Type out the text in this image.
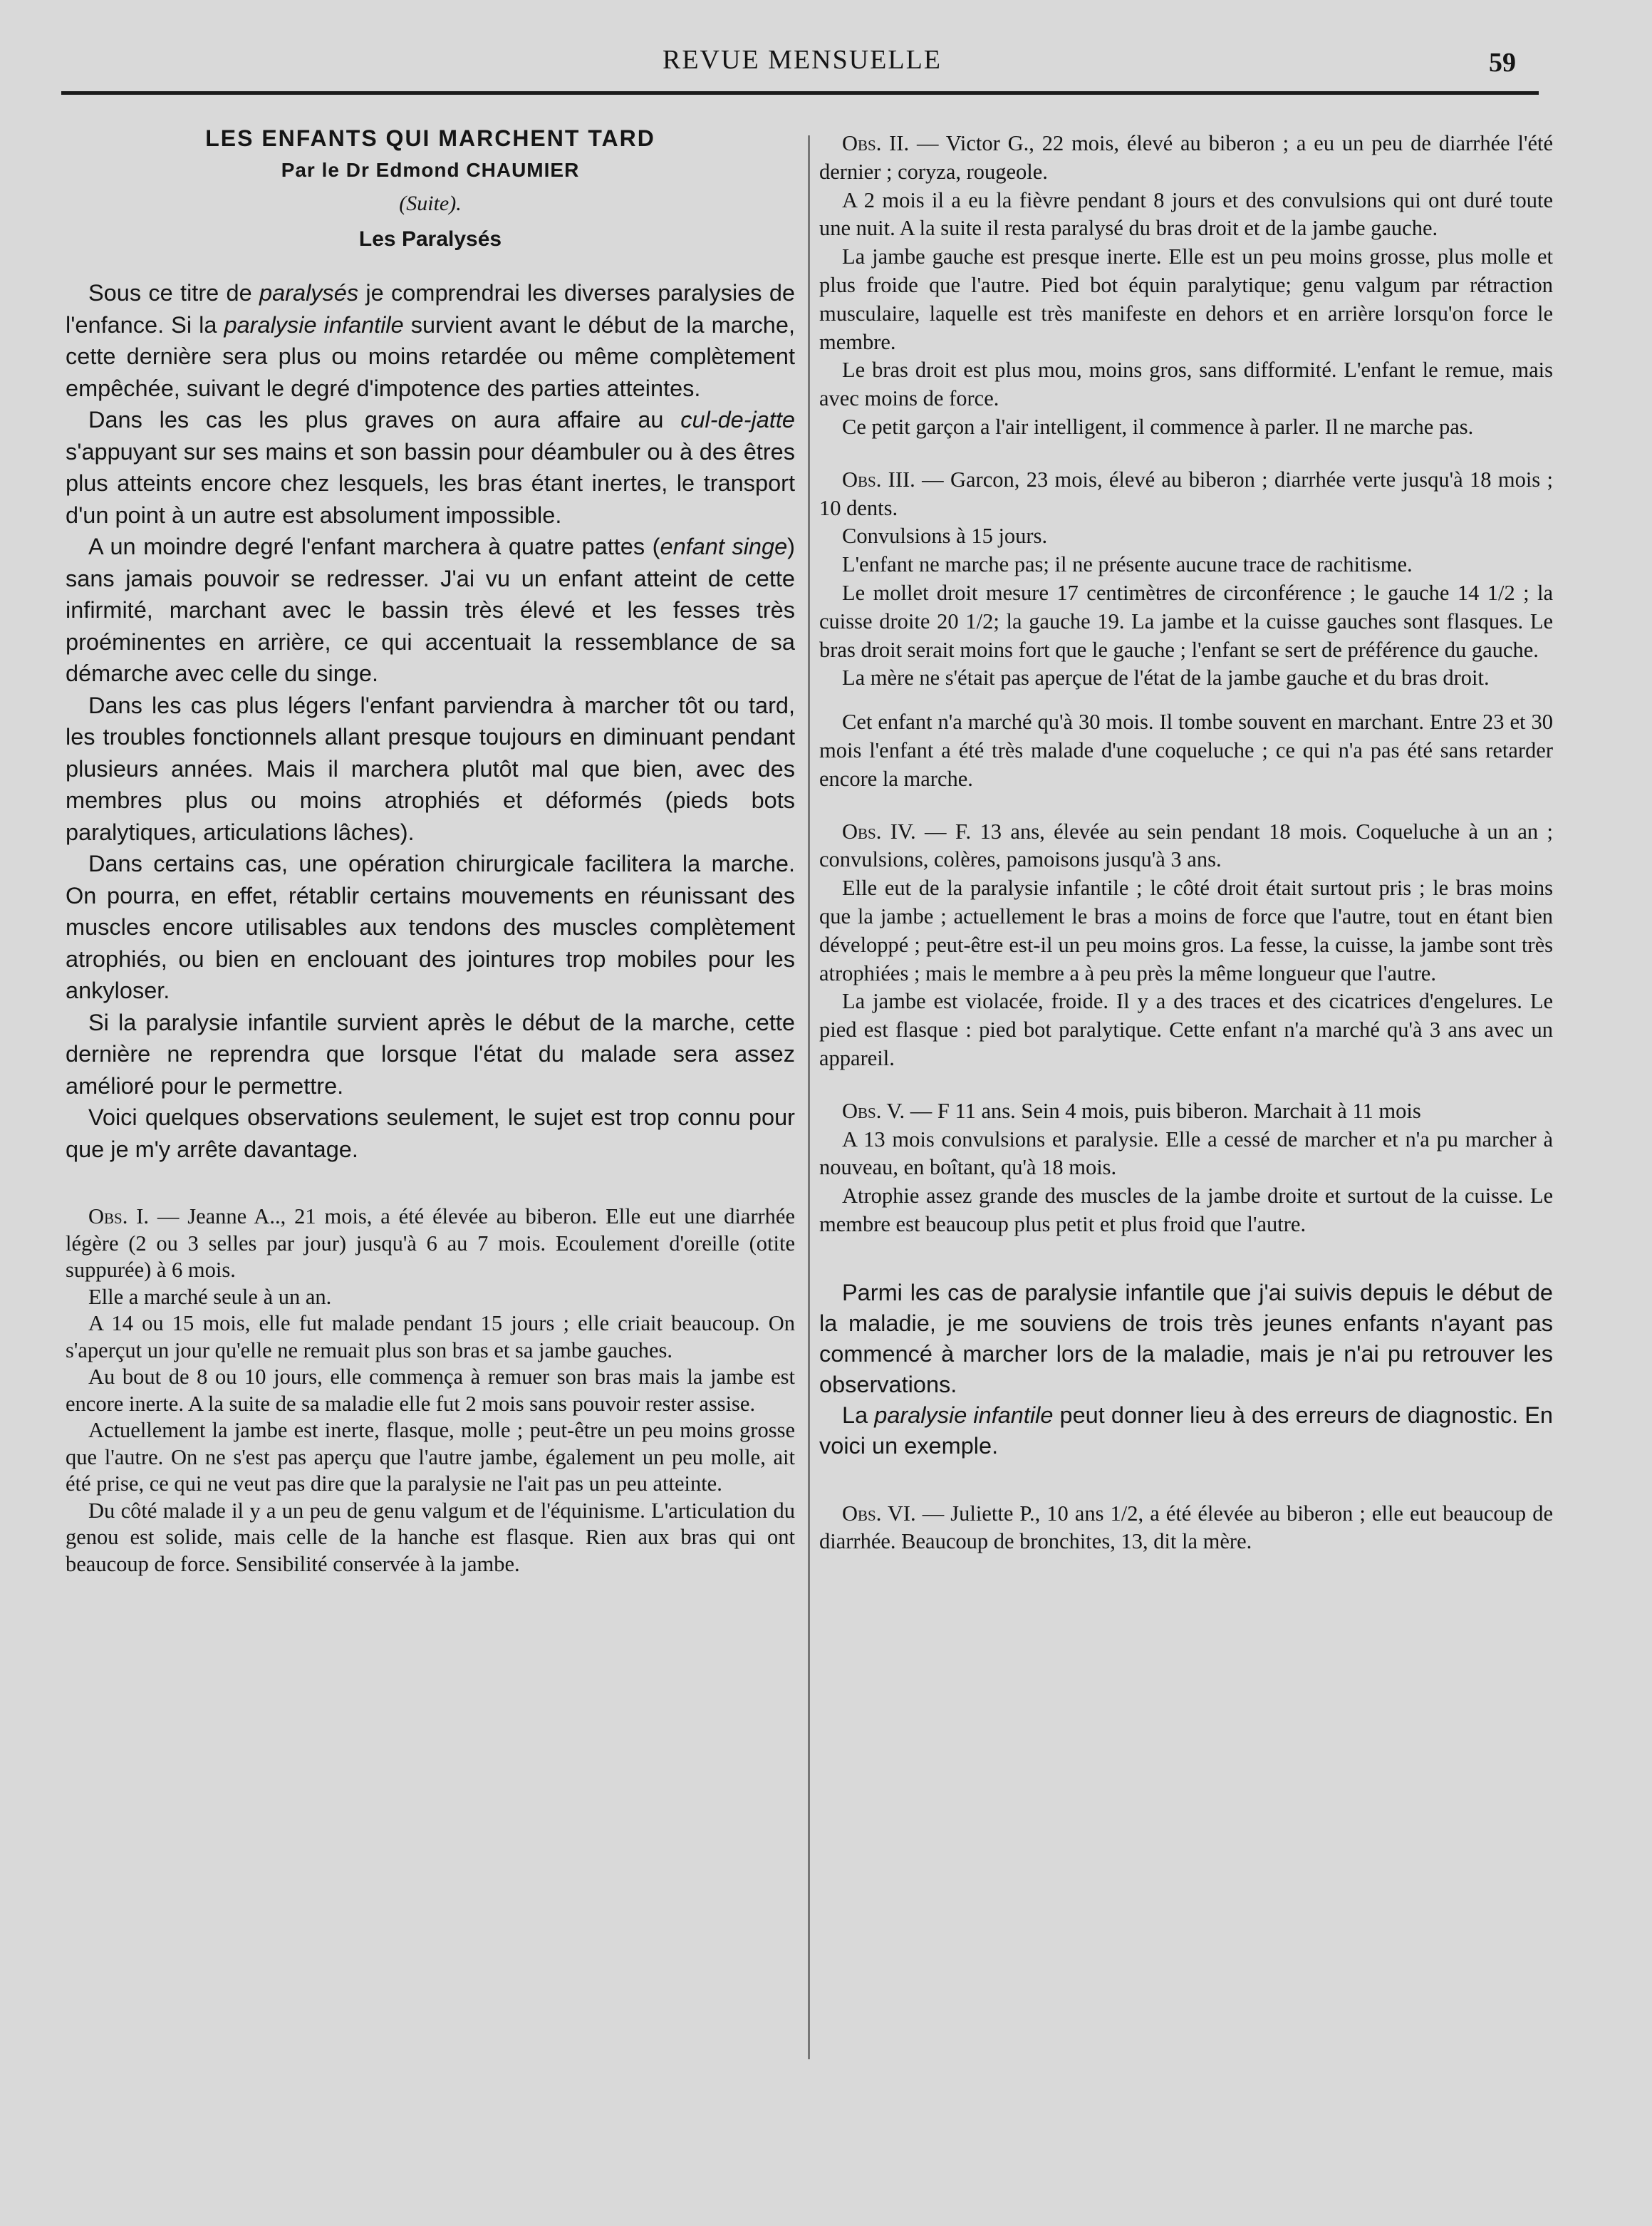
REVUE MENSUELLE	59
LES ENFANTS QUI MARCHENT TARD
Par le Dr Edmond CHAUMIER
(Suite).
Les Paralysés

Sous ce titre de paralysés je comprendrai les diverses paralysies de l'enfance. Si la paralysie infantile survient avant le début de la marche, cette dernière sera plus ou moins retardée ou même complètement empêchée, suivant le degré d'impotence des parties atteintes.

Dans les cas les plus graves on aura affaire au cul-de-jatte s'appuyant sur ses mains et son bassin pour déambuler ou à des êtres plus atteints encore chez lesquels, les bras étant inertes, le transport d'un point à un autre est absolument impossible.

A un moindre degré l'enfant marchera à quatre pattes (enfant singe) sans jamais pouvoir se redresser. J'ai vu un enfant atteint de cette infirmité, marchant avec le bassin très élevé et les fesses très proéminentes en arrière, ce qui accentuait la ressemblance de sa démarche avec celle du singe.

Dans les cas plus légers l'enfant parviendra à marcher tôt ou tard, les troubles fonctionnels allant presque toujours en diminuant pendant plusieurs années. Mais il marchera plutôt mal que bien, avec des membres plus ou moins atrophiés et déformés (pieds bots paralytiques, articulations lâches).

Dans certains cas, une opération chirurgicale facilitera la marche. On pourra, en effet, rétablir certains mouvements en réunissant des muscles encore utilisables aux tendons des muscles complètement atrophiés, ou bien en enclouant des jointures trop mobiles pour les ankyloser.

Si la paralysie infantile survient après le début de la marche, cette dernière ne reprendra que lorsque l'état du malade sera assez amélioré pour le permettre.

Voici quelques observations seulement, le sujet est trop connu pour que je m'y arrête davantage.

Obs. I. — Jeanne A.., 21 mois, a été élevée au biberon. Elle eut une diarrhée légère (2 ou 3 selles par jour) jusqu'à 6 au 7 mois. Ecoulement d'oreille (otite suppurée) à 6 mois.

Elle a marché seule à un an.

A 14 ou 15 mois, elle fut malade pendant 15 jours ; elle criait beaucoup. On s'aperçut un jour qu'elle ne remuait plus son bras et sa jambe gauches.

Au bout de 8 ou 10 jours, elle commença à remuer son bras mais la jambe est encore inerte. A la suite de sa maladie elle fut 2 mois sans pouvoir rester assise.

Actuellement la jambe est inerte, flasque, molle ; peut-être un peu moins grosse que l'autre. On ne s'est pas aperçu que l'autre jambe, également un peu molle, ait été prise, ce qui ne veut pas dire que la paralysie ne l'ait pas un peu atteinte.

Du côté malade il y a un peu de genu valgum et de l'équinisme. L'articulation du genou est solide, mais celle de la hanche est flasque. Rien aux bras qui ont beaucoup de force. Sensibilité conservée à la jambe.

Obs. II. — Victor G., 22 mois, élevé au biberon ; a eu un peu de diarrhée l'été dernier ; coryza, rougeole.

A 2 mois il a eu la fièvre pendant 8 jours et des convulsions qui ont duré toute une nuit. A la suite il resta paralysé du bras droit et de la jambe gauche.

La jambe gauche est presque inerte. Elle est un peu moins grosse, plus molle et plus froide que l'autre. Pied bot équin paralytique; genu valgum par rétraction musculaire, laquelle est très manifeste en dehors et en arrière lorsqu'on force le membre.

Le bras droit est plus mou, moins gros, sans difformité. L'enfant le remue, mais avec moins de force.

Ce petit garçon a l'air intelligent, il commence à parler. Il ne marche pas.

Obs. III. — Garcon, 23 mois, élevé au biberon ; diarrhée verte jusqu'à 18 mois ; 10 dents.

Convulsions à 15 jours.

L'enfant ne marche pas; il ne présente aucune trace de rachitisme.

Le mollet droit mesure 17 centimètres de circonférence ; le gauche 14 1/2 ; la cuisse droite 20 1/2; la gauche 19. La jambe et la cuisse gauches sont flasques. Le bras droit serait moins fort que le gauche ; l'enfant se sert de préférence du gauche.

La mère ne s'était pas aperçue de l'état de la jambe gauche et du bras droit.

Cet enfant n'a marché qu'à 30 mois. Il tombe souvent en marchant. Entre 23 et 30 mois l'enfant a été très malade d'une coqueluche ; ce qui n'a pas été sans retarder encore la marche.

Obs. IV. — F. 13 ans, élevée au sein pendant 18 mois. Coqueluche à un an ; convulsions, colères, pamoisons jusqu'à 3 ans.

Elle eut de la paralysie infantile ; le côté droit était surtout pris ; le bras moins que la jambe ; actuellement le bras a moins de force que l'autre, tout en étant bien développé ; peut-être est-il un peu moins gros. La fesse, la cuisse, la jambe sont très atrophiées ; mais le membre a à peu près la même longueur que l'autre.

La jambe est violacée, froide. Il y a des traces et des cicatrices d'engelures. Le pied est flasque : pied bot paralytique. Cette enfant n'a marché qu'à 3 ans avec un appareil.

Obs. V. — F 11 ans. Sein 4 mois, puis biberon. Marchait à 11 mois

A 13 mois convulsions et paralysie. Elle a cessé de marcher et n'a pu marcher à nouveau, en boîtant, qu'à 18 mois.

Atrophie assez grande des muscles de la jambe droite et surtout de la cuisse. Le membre est beaucoup plus petit et plus froid que l'autre.

Parmi les cas de paralysie infantile que j'ai suivis depuis le début de la maladie, je me souviens de trois très jeunes enfants n'ayant pas commencé à marcher lors de la maladie, mais je n'ai pu retrouver les observations.

La paralysie infantile peut donner lieu à des erreurs de diagnostic. En voici un exemple.

Obs. VI. — Juliette P., 10 ans 1/2, a été élevée au biberon ; elle eut beaucoup de diarrhée. Beaucoup de bronchites, 13, dit la mère.
